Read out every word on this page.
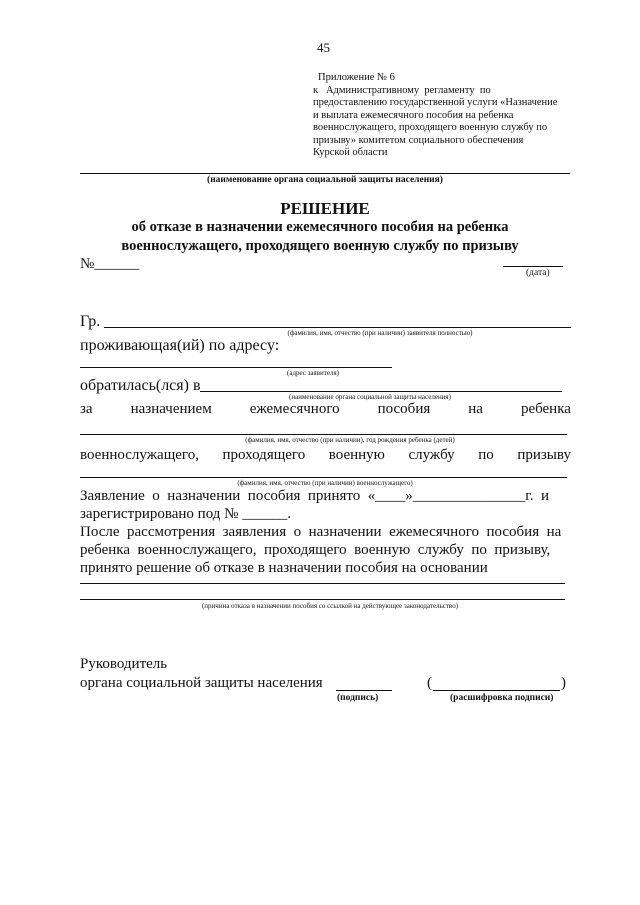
45
Приложение № 6
к   Административному  регламенту  по
предоставлению государственной услуги «Назначение
и выплата ежемесячного пособия на ребенка
военнослужащего, проходящего военную службу по
призыву» комитетом социального обеспечения
Курской области
(наименование органа социальной защиты населения)
РЕШЕНИЕ
об отказе в назначении ежемесячного пособия на ребенка
военнослужащего, проходящего военную службу по призыву
№______
(дата)
Гр.
(фамилия, имя, отчество (при наличии) заявителя полностью)
проживающая(ий) по адресу:
(адрес заявителя)
обратилась(лся) в
(наименование органа социальной защиты населения)
за	назначением	ежемесячного	пособия	на	ребенка
(фамилия, имя, отчество (при наличии), год рождения ребенка (детей)
военнослужащего, проходящего военную службу по призыву
(фамилия, имя, отчество (при наличии) военнослужащего)
Заявление  о  назначении  пособия  принято  «____»_______________г.  и
зарегистрировано под № ______.
После  рассмотрения  заявления  о  назначении  ежемесячного  пособия  на
ребенка  военнослужащего,  проходящего  военную  службу  по  призыву,
принято решение об отказе в назначении пособия на основании
(причина отказа в назначении пособия со ссылкой на действующее законодательство)
Руководитель
органа социальной защиты населения
(подпись)
(	)
(расшифровка подписи)
